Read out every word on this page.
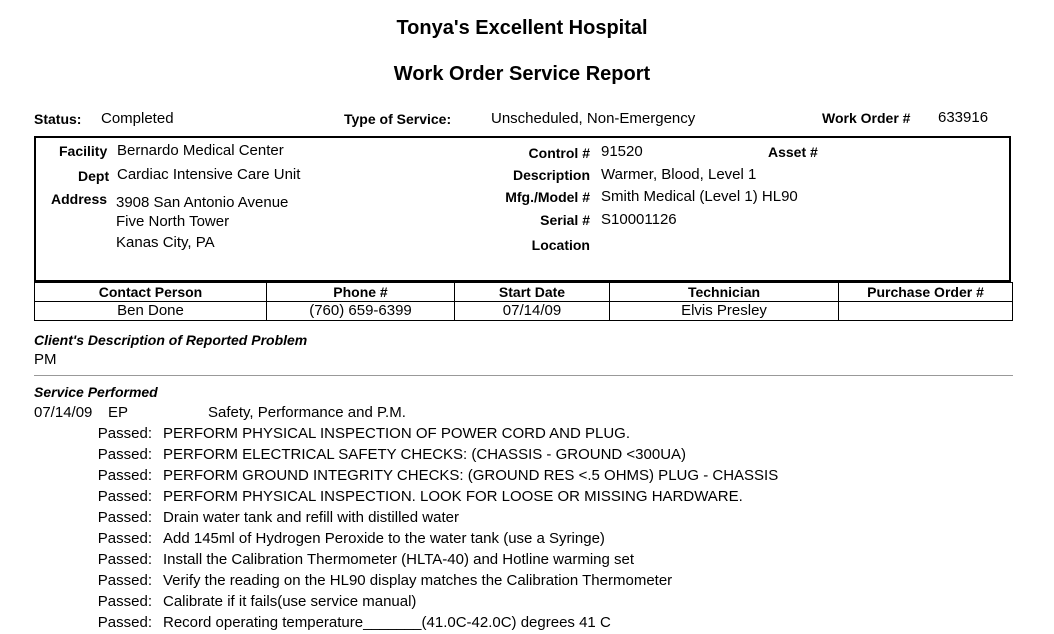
Tonya's Excellent Hospital
Work Order Service Report
Status: Completed	Type of Service:	Unscheduled, Non-Emergency	Work Order # 633916
Facility Bernardo Medical Center
Dept Cardiac Intensive Care Unit
Address 3908 San Antonio Avenue
Five North Tower
Kanas City, PA
Control # 91520	Asset #
Description Warmer, Blood, Level 1
Mfg./Model # Smith Medical (Level 1) HL90
Serial # S10001126
Location
Contact Person	Phone #	Start Date	Technician	Purchase Order #
Ben Done	(760) 659-6399	07/14/09	Elvis Presley	
Client's Description of Reported Problem
PM
Service Performed
07/14/09 EP	Safety, Performance and P.M.
Passed: PERFORM PHYSICAL INSPECTION OF POWER CORD AND PLUG.
Passed: PERFORM ELECTRICAL SAFETY CHECKS: (CHASSIS - GROUND <300UA)
Passed: PERFORM GROUND INTEGRITY CHECKS: (GROUND RES <.5 OHMS) PLUG - CHASSIS
Passed: PERFORM PHYSICAL INSPECTION. LOOK FOR LOOSE OR MISSING HARDWARE.
Passed: Drain water tank and refill with distilled water
Passed: Add 145ml of Hydrogen Peroxide to the water tank (use a Syringe)
Passed: Install the Calibration Thermometer (HLTA-40) and Hotline warming set
Passed: Verify the reading on the HL90 display matches the Calibration Thermometer
Passed: Calibrate if it fails(use service manual)
Passed: Record operating temperature_______(41.0C-42.0C) degrees 41 C
